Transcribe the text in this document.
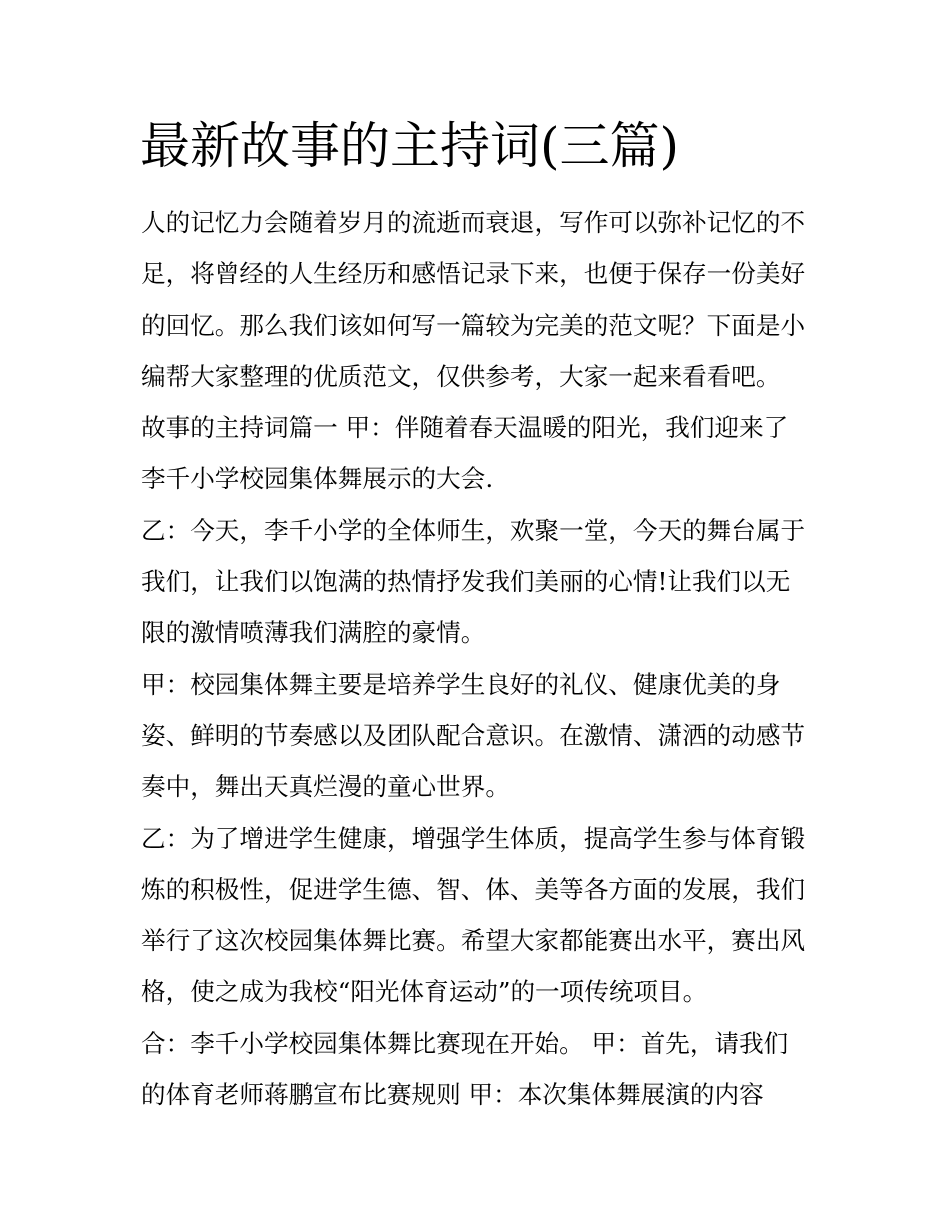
最新故事的主持词(三篇)
人的记忆力会随着岁月的流逝而衰退，写作可以弥补记忆的不
足，将曾经的人生经历和感悟记录下来，也便于保存一份美好
的回忆。那么我们该如何写一篇较为完美的范文呢？下面是小
编帮大家整理的优质范文，仅供参考，大家一起来看看吧。
故事的主持词篇一 甲：伴随着春天温暖的阳光，我们迎来了
李千小学校园集体舞展示的大会.
乙：今天，李千小学的全体师生，欢聚一堂，今天的舞台属于
我们，让我们以饱满的热情抒发我们美丽的心情!让我们以无
限的激情喷薄我们满腔的豪情。
甲：校园集体舞主要是培养学生良好的礼仪、健康优美的身
姿、鲜明的节奏感以及团队配合意识。在激情、潇洒的动感节
奏中，舞出天真烂漫的童心世界。
乙：为了增进学生健康，增强学生体质，提高学生参与体育锻
炼的积极性，促进学生德、智、体、美等各方面的发展，我们
举行了这次校园集体舞比赛。希望大家都能赛出水平，赛出风
格，使之成为我校“阳光体育运动”的一项传统项目。
合：李千小学校园集体舞比赛现在开始。 甲：首先，请我们
的体育老师蒋鹏宣布比赛规则 甲：本次集体舞展演的内容
